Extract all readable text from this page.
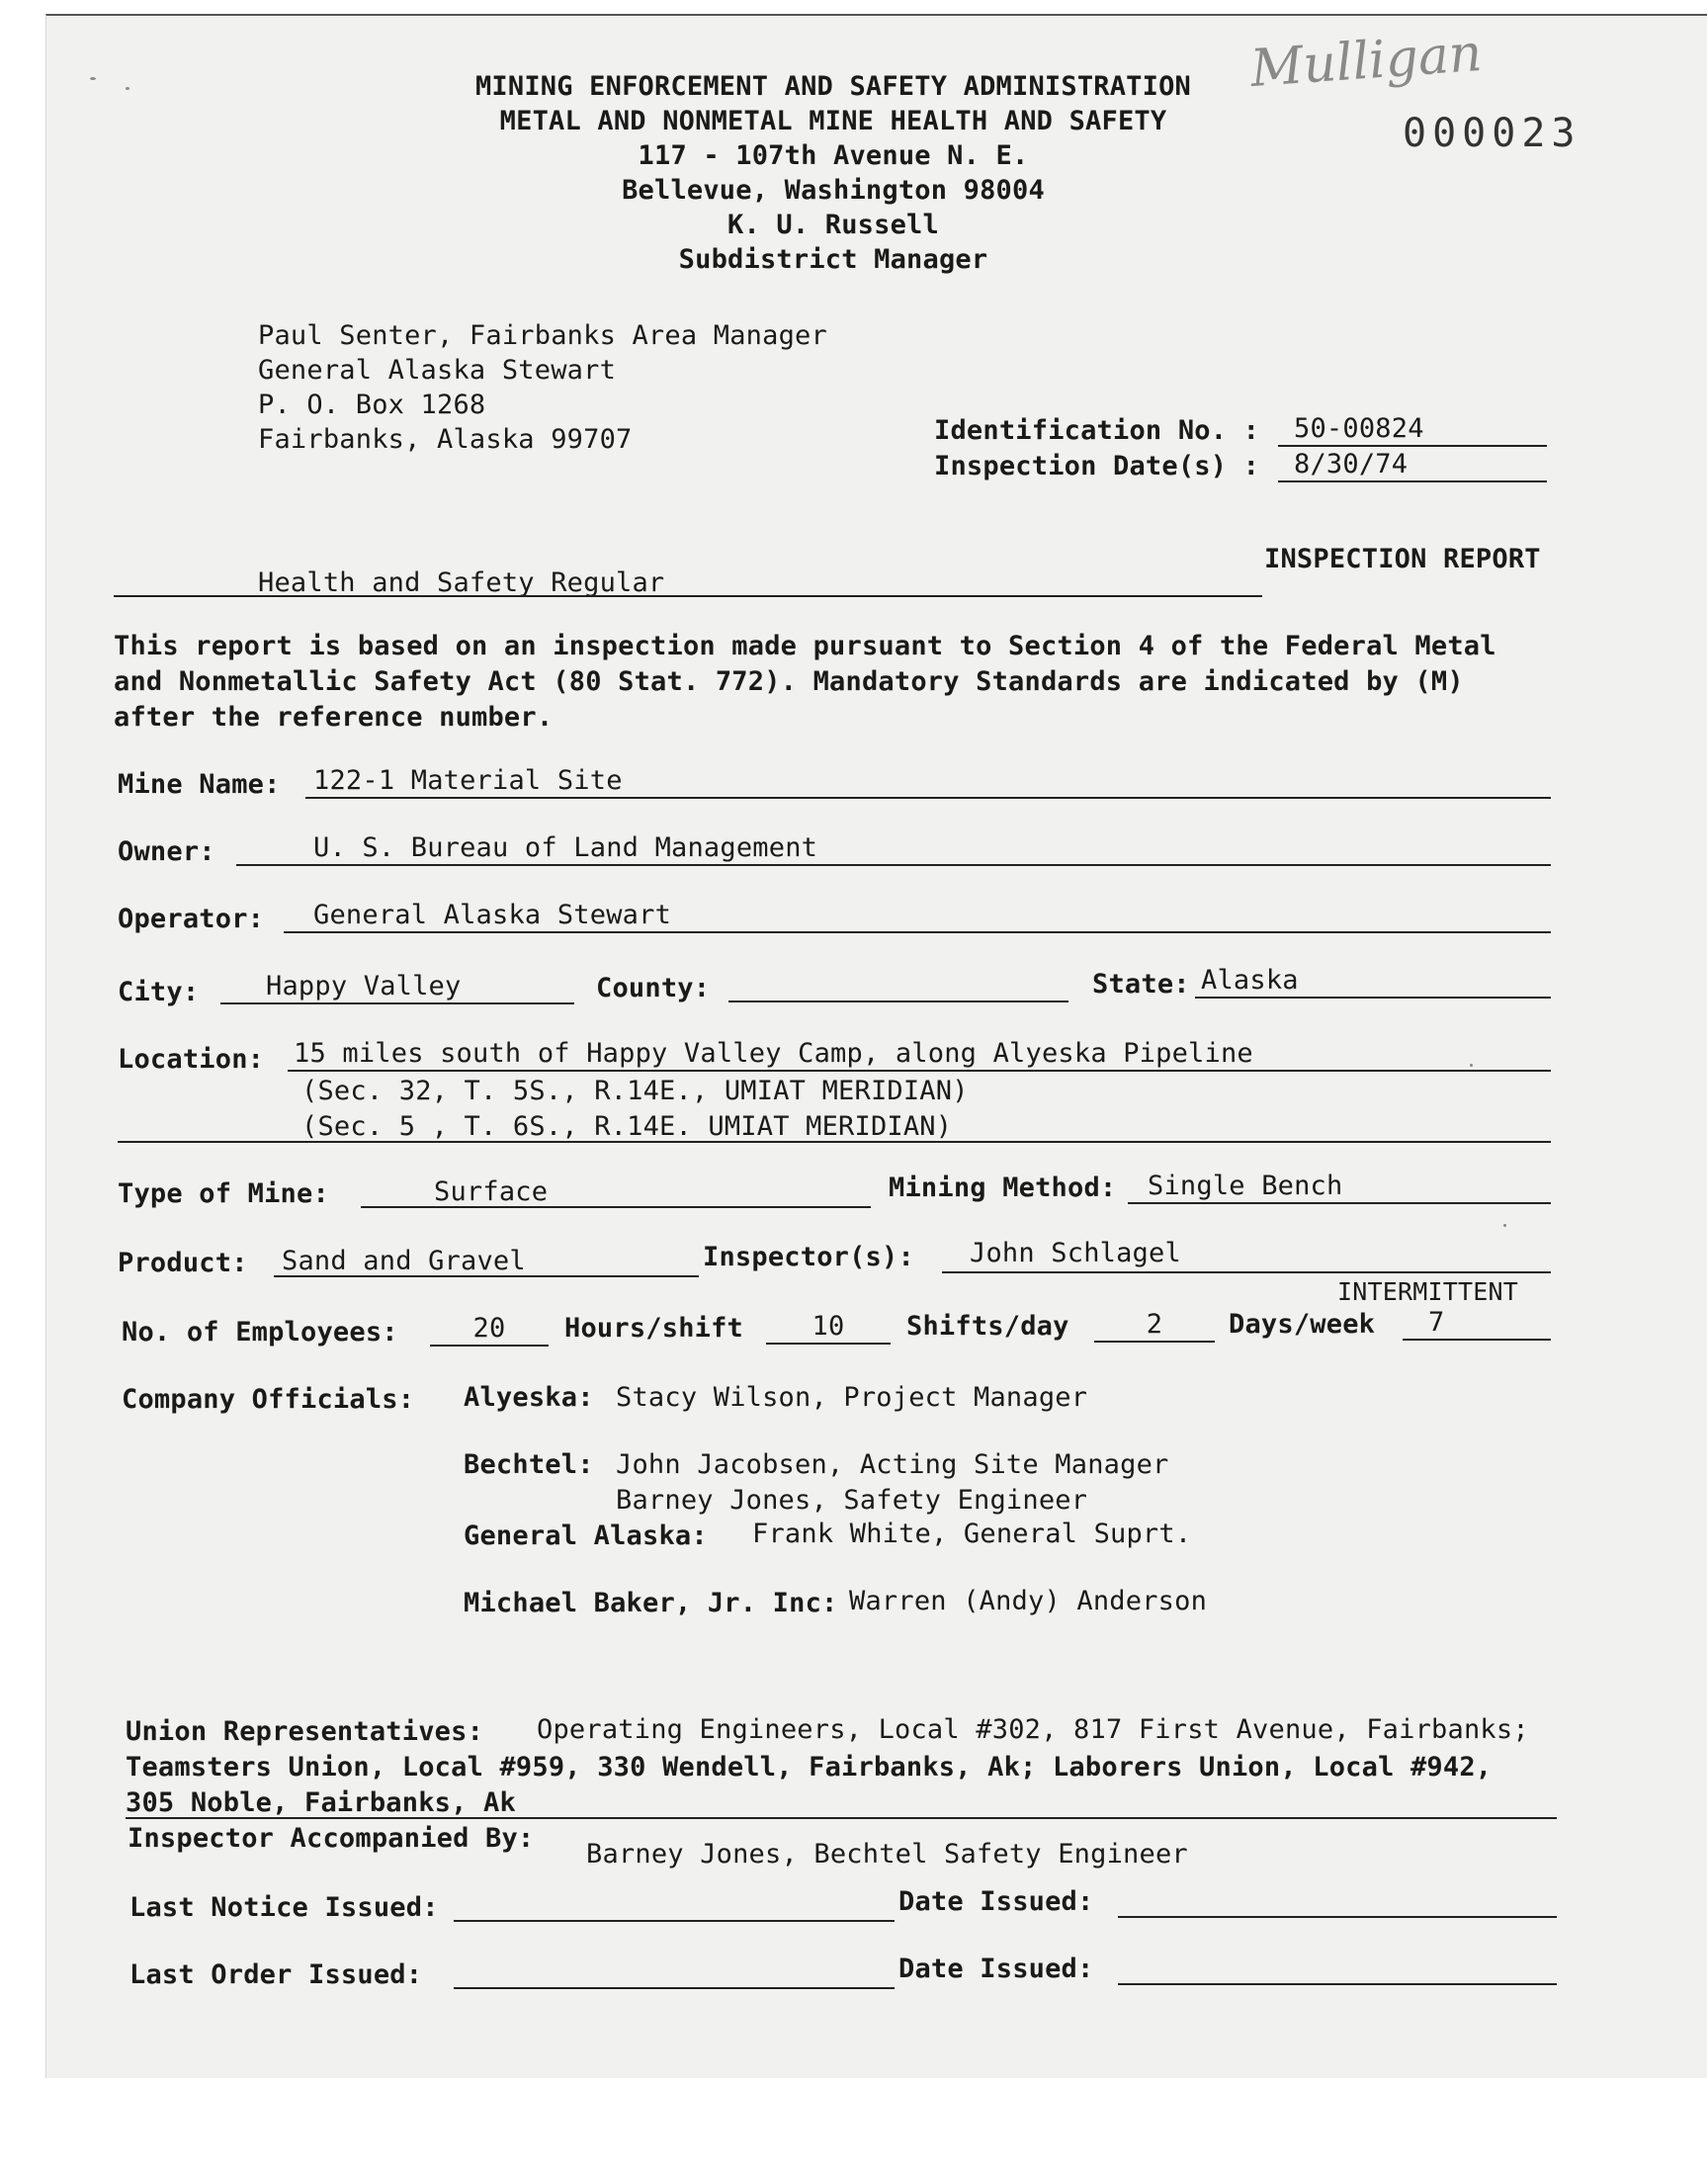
Mulligan
000023
MINING ENFORCEMENT AND SAFETY ADMINISTRATION
METAL AND NONMETAL MINE HEALTH AND SAFETY
117 - 107th Avenue N. E.
Bellevue, Washington 98004
K. U. Russell
Subdistrict Manager
Paul Senter, Fairbanks Area Manager
General Alaska Stewart
P. O. Box 1268
Fairbanks, Alaska 99707	Identification No. : 50-00824
Inspection Date(s) : 8/30/74
Health and Safety Regular
INSPECTION REPORT
This report is based on an inspection made pursuant to Section 4 of the Federal Metal
and Nonmetallic Safety Act (80 Stat. 772). Mandatory Standards are indicated by (M)
after the reference number.
Mine Name: 122-1 Material Site
Owner:	U. S. Bureau of Land Management
Operator: General Alaska Stewart
City:	Happy Valley	County:	State: Alaska
Location: 15 miles south of Happy Valley Camp, along Alyeska Pipeline
(Sec. 32, T. 5S., R.14E., UMIAT MERIDIAN)
(Sec. 5 , T. 6S., R.14E. UMIAT MERIDIAN)
Type of Mine:	Surface	Mining Method: Single Bench
Product: Sand and Gravel	Inspector(s): John Schlagel
INTERMITTENT
No. of Employees:	20	Hours/shift	10	Shifts/day	2	Days/week 7
Company Officials: Alyeska: Stacy Wilson, Project Manager
Bechtel: John Jacobsen, Acting Site Manager
Barney Jones, Safety Engineer
General Alaska: Frank White, General Suprt.
Michael Baker, Jr. Inc: Warren (Andy) Anderson
Union Representatives: Operating Engineers, Local #302, 817 First Avenue, Fairbanks;
Teamsters Union, Local #959, 330 Wendell, Fairbanks, Ak; Laborers Union, Local #942,
305 Noble, Fairbanks, Ak
Inspector Accompanied By:
Barney Jones, Bechtel Safety Engineer
Last Notice Issued:	Date Issued:
Last Order Issued:	Date Issued:
